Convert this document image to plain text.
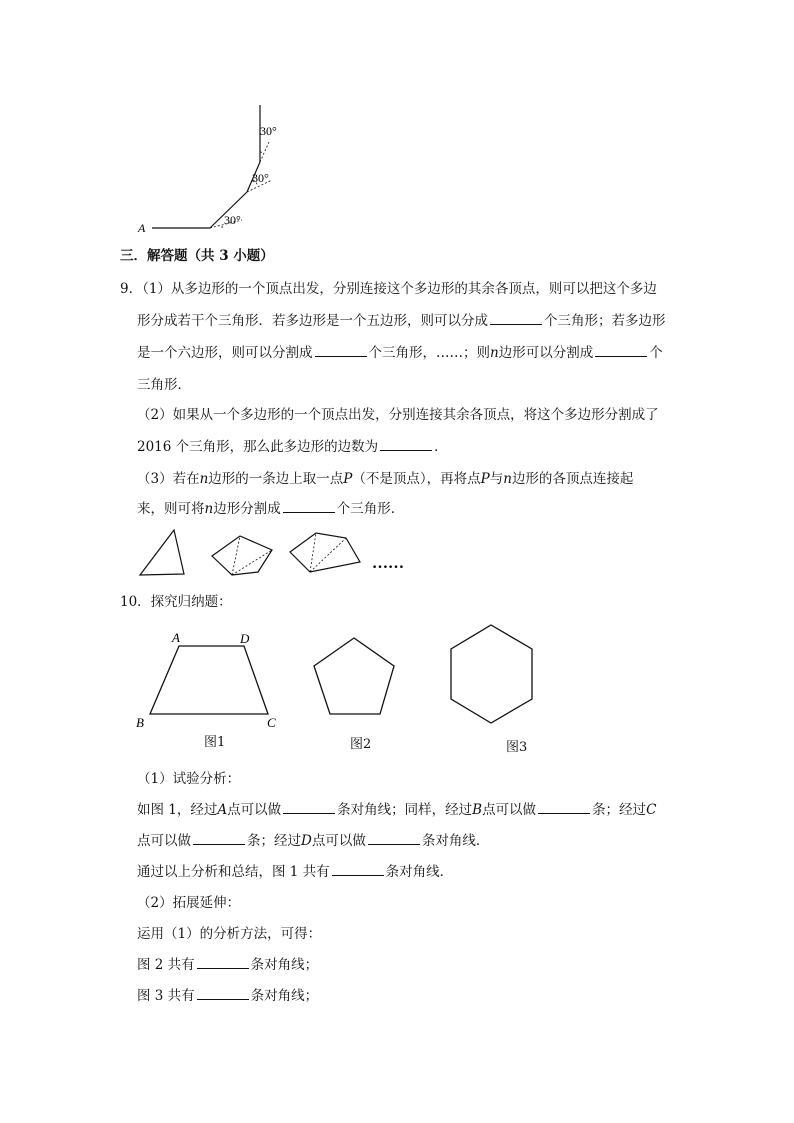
30°
30°
30°
A
三．解答题（共 3 小题）
9．（1）从多边形的一个顶点出发，分别连接这个多边形的其余各顶点，则可以把这个多边
形分成若干个三角形．若多边形是一个五边形，则可以分成	个三角形；若多边形
是一个六边形，则可以分割成	个三角形，……；则n边形可以分割成	个
三角形．
（2）如果从一个多边形的一个顶点出发，分别连接其余各顶点，将这个多边形分割成了
2016 个三角形，那么此多边形的边数为	．
（3）若在n边形的一条边上取一点P（不是顶点），再将点P与n边形的各顶点连接起
来，则可将n边形分割成	个三角形．
……
10．探究归纳题：
A	D
B	C
图1	图2	图3
（1）试验分析：
如图 1，经过A点可以做	条对角线；同样，经过B点可以做	条；经过C
点可以做	条；经过D点可以做	条对角线．
通过以上分析和总结，图 1 共有	条对角线．
（2）拓展延伸：
运用（1）的分析方法，可得：
图 2 共有	条对角线；
图 3 共有	条对角线；
